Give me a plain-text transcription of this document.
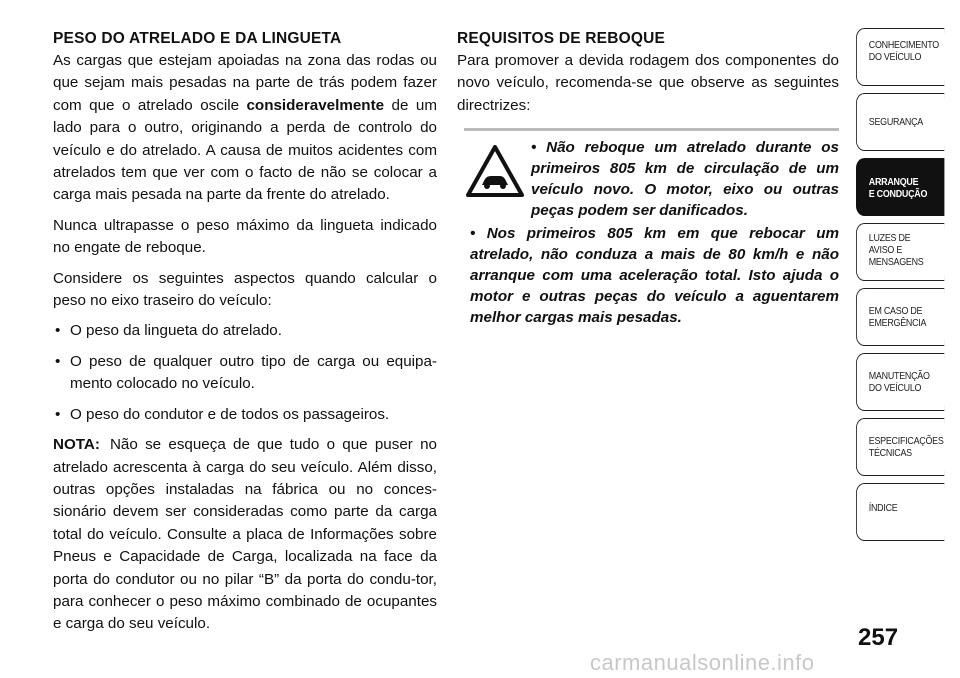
PESO DO ATRELADO E DA LINGUETA

As cargas que estejam apoiadas na zona das rodas ou que sejam mais pesadas na parte de trás podem fazer com que o atrelado oscile consideravelmente de um lado para o outro, originando a perda de controlo do veículo e do atrelado. A causa de muitos acidentes com atrelados tem que ver com o facto de não se colocar a carga mais pesada na parte da frente do atrelado.

Nunca ultrapasse o peso máximo da lingueta indicado no engate de reboque.

Considere os seguintes aspectos quando calcular o peso no eixo traseiro do veículo:

• O peso da lingueta do atrelado.
• O peso de qualquer outro tipo de carga ou equipa-mento colocado no veículo.
• O peso do condutor e de todos os passageiros.

NOTA: Não se esqueça de que tudo o que puser no atrelado acrescenta à carga do seu veículo. Além disso, outras opções instaladas na fábrica ou no conces-sionário devem ser consideradas como parte da carga total do veículo. Consulte a placa de Informações sobre Pneus e Capacidade de Carga, localizada na face da porta do condutor ou no pilar “B” da porta do condu-tor, para conhecer o peso máximo combinado de ocupantes e carga do seu veículo.

REQUISITOS DE REBOQUE

Para promover a devida rodagem dos componentes do novo veículo, recomenda-se que observe as seguintes directrizes:

• Não reboque um atrelado durante os primeiros 805 km de circulação de um veículo novo. O motor, eixo ou outras peças podem ser danificados.
• Nos primeiros 805 km em que rebocar um atrelado, não conduza a mais de 80 km/h e não arranque com uma aceleração total. Isto ajuda o motor e outras peças do veículo a aguentarem melhor cargas mais pesadas.
CONHECIMENTO
DO VEÍCULO
SEGURANÇA
ARRANQUE
E CONDUÇÃO
LUZES DE
AVISO E
MENSAGENS
EM CASO DE
EMERGÊNCIA
MANUTENÇÃO
DO VEÍCULO
ESPECIFICAÇÕES
TÉCNICAS
ÍNDICE
257
carmanualsonline.info
